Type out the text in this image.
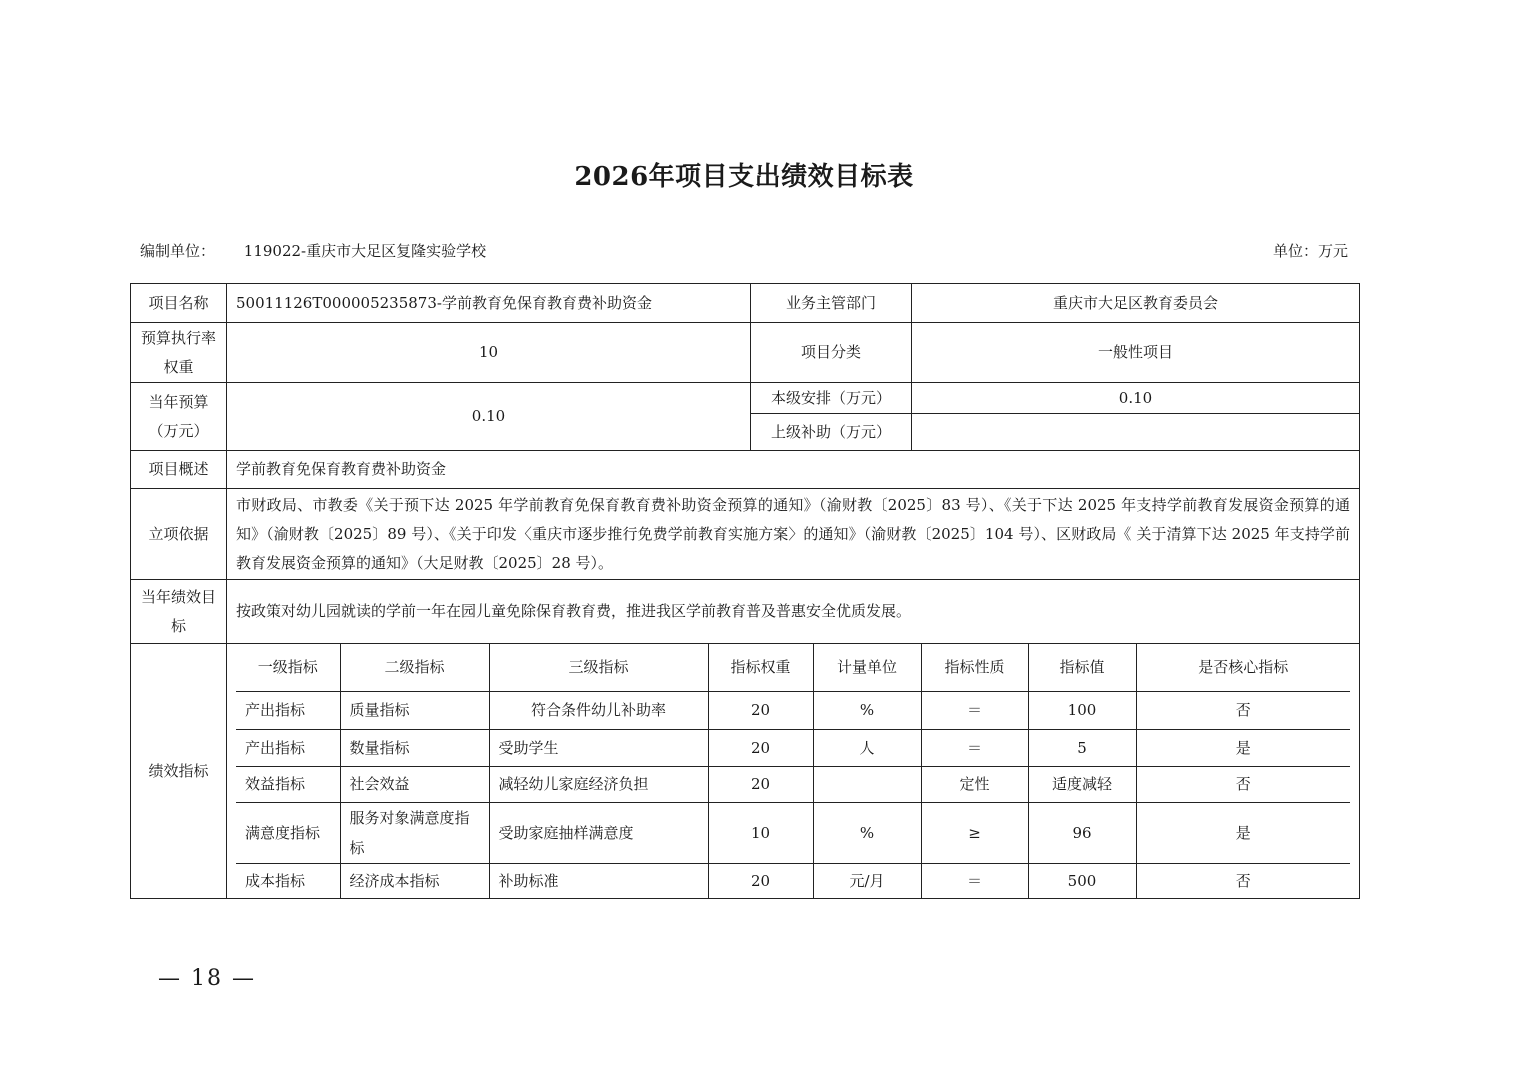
2026年项目支出绩效目标表
编制单位： 119022-重庆市大足区复隆实验学校	单位：万元
项目名称	50011126T000005235873-学前教育免保育教育费补助资金	业务主管部门	重庆市大足区教育委员会
预算执行率权重	10	项目分类	一般性项目
当年预算（万元）	0.10	本级安排（万元）	0.10
上级补助（万元）	
项目概述	学前教育免保育教育费补助资金
立项依据	市财政局、市教委《关于预下达 2025 年学前教育免保育教育费补助资金预算的通知》（渝财教〔2025〕83 号）、《关于下达 2025 年支持学前教育发展资金预算的通知》（渝财教〔2025〕89 号）、《关于印发〈重庆市逐步推行免费学前教育实施方案〉的通知》（渝财教〔2025〕104 号）、区财政局《 关于清算下达 2025 年支持学前教育发展资金预算的通知》（大足财教〔2025〕28 号）。
当年绩效目标	按政策对幼儿园就读的学前一年在园儿童免除保育教育费，推进我区学前教育普及普惠安全优质发展。
绩效指标	
一级指标	二级指标	三级指标	指标权重	计量单位	指标性质	指标值	是否核心指标
产出指标	质量指标	符合条件幼儿补助率	20	%	＝	100	否
产出指标	数量指标	受助学生	20	人	＝	5	是
效益指标	社会效益	减轻幼儿家庭经济负担	20		定性	适度减轻	否
满意度指标	服务对象满意度指标	受助家庭抽样满意度	10	%	≥	96	是
成本指标	经济成本指标	补助标准	20	元/月	＝	500	否
— 18 —
